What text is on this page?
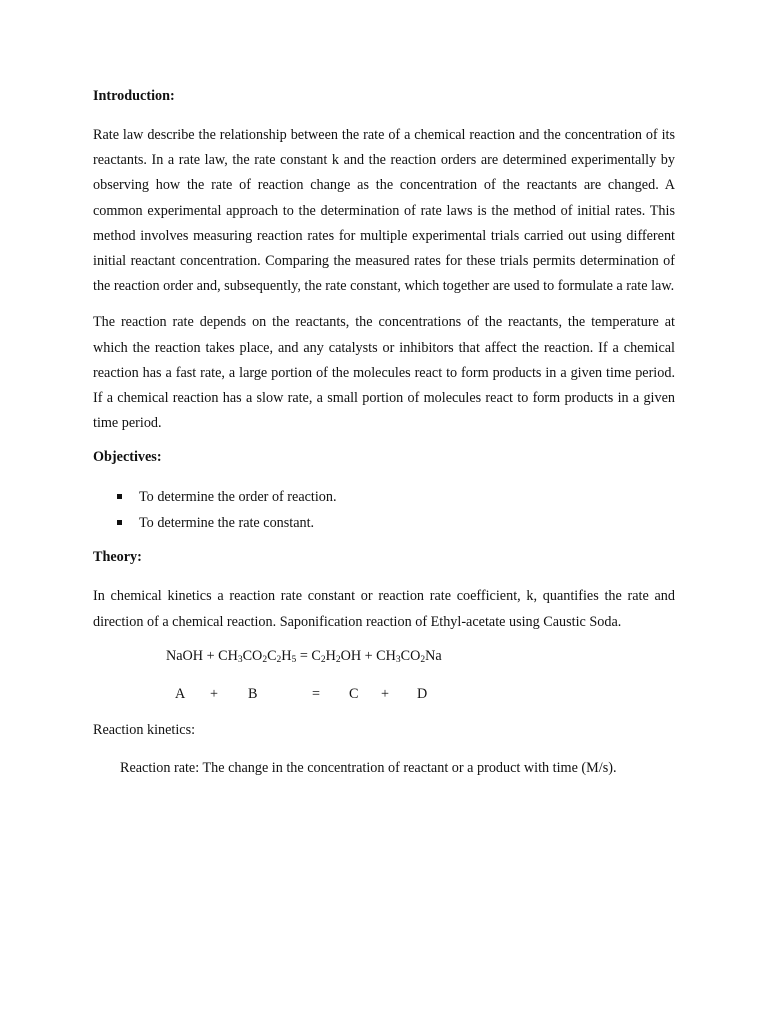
Introduction:

Rate law describe the relationship between the rate of a chemical reaction and the concentration of its reactants. In a rate law, the rate constant k and the reaction orders are determined experimentally by observing how the rate of reaction change as the concentration of the reactants are changed. A common experimental approach to the determination of rate laws is the method of initial rates. This method involves measuring reaction rates for multiple experimental trials carried out using different initial reactant concentration. Comparing the measured rates for these trials permits determination of the reaction order and, subsequently, the rate constant, which together are used to formulate a rate law.

The reaction rate depends on the reactants, the concentrations of the reactants, the temperature at which the reaction takes place, and any catalysts or inhibitors that affect the reaction. If a chemical reaction has a fast rate, a large portion of the molecules react to form products in a given time period. If a chemical reaction has a slow rate, a small portion of molecules react to form products in a given time period.

Objectives:
To determine the order of reaction.
To determine the rate constant.
Theory:

In chemical kinetics a reaction rate constant or reaction rate coefficient, k, quantifies the rate and direction of a chemical reaction. Saponification reaction of Ethyl-acetate using Caustic Soda.

NaOH + $CH_3CO_2C_2H_5 = C_2H_2OH + CH_3CO_2Na$
A + B	= C + D
Reaction kinetics:
Reaction rate: The change in the concentration of reactant or a product with time (M/s).
